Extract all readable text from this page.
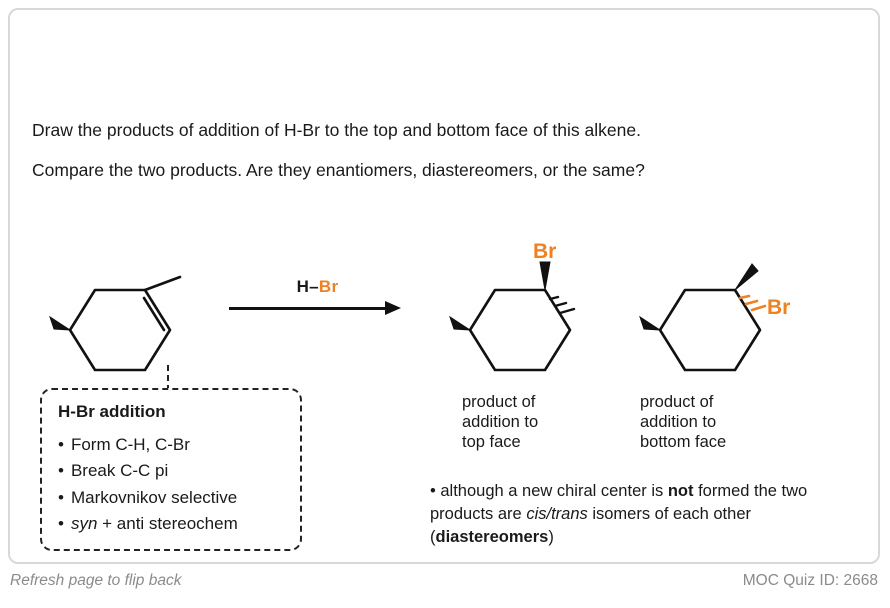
Draw the products of addition of H-Br to the top and bottom face of this alkene.

Compare the two products. Are they enantiomers, diastereomers, or the same?

H–Br
Br
Br
product of
addition to
top face
product of
addition to
bottom face
H-Br addition
• Form C-H, C-Br
• Break C-C pi
• Markovnikov selective
• syn + anti stereochem
• although a new chiral center is not formed the two products are cis/trans isomers of each other (diastereomers)
Refresh page to flip back	MOC Quiz ID: 2668
